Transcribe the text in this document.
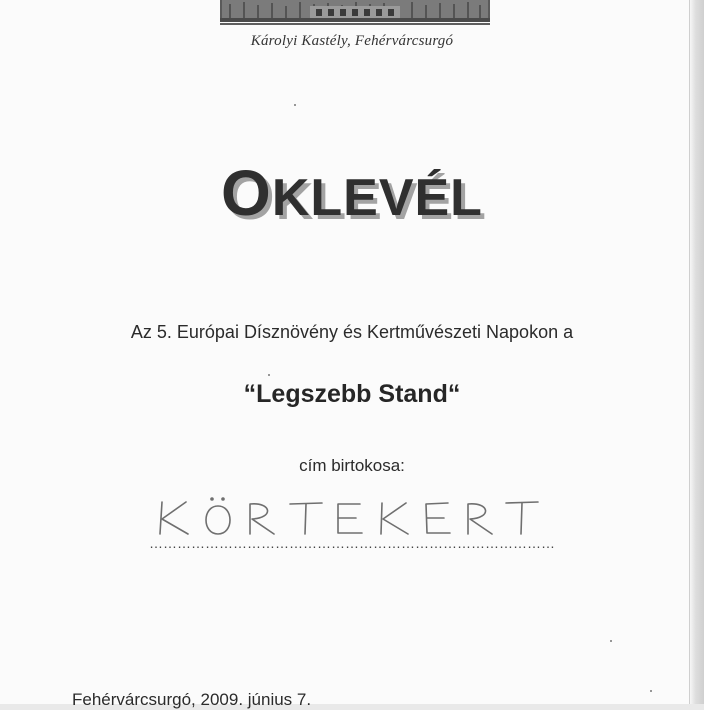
Károlyi Kastély, Fehérvárcsurgó
OKLEVÉL
Az 5. Európai Dísznövény és Kertművészeti Napokon a
“Legszebb Stand“
cím birtokosa:
……………………………………………………………………………
Fehérvárcsurgó, 2009. június 7.
